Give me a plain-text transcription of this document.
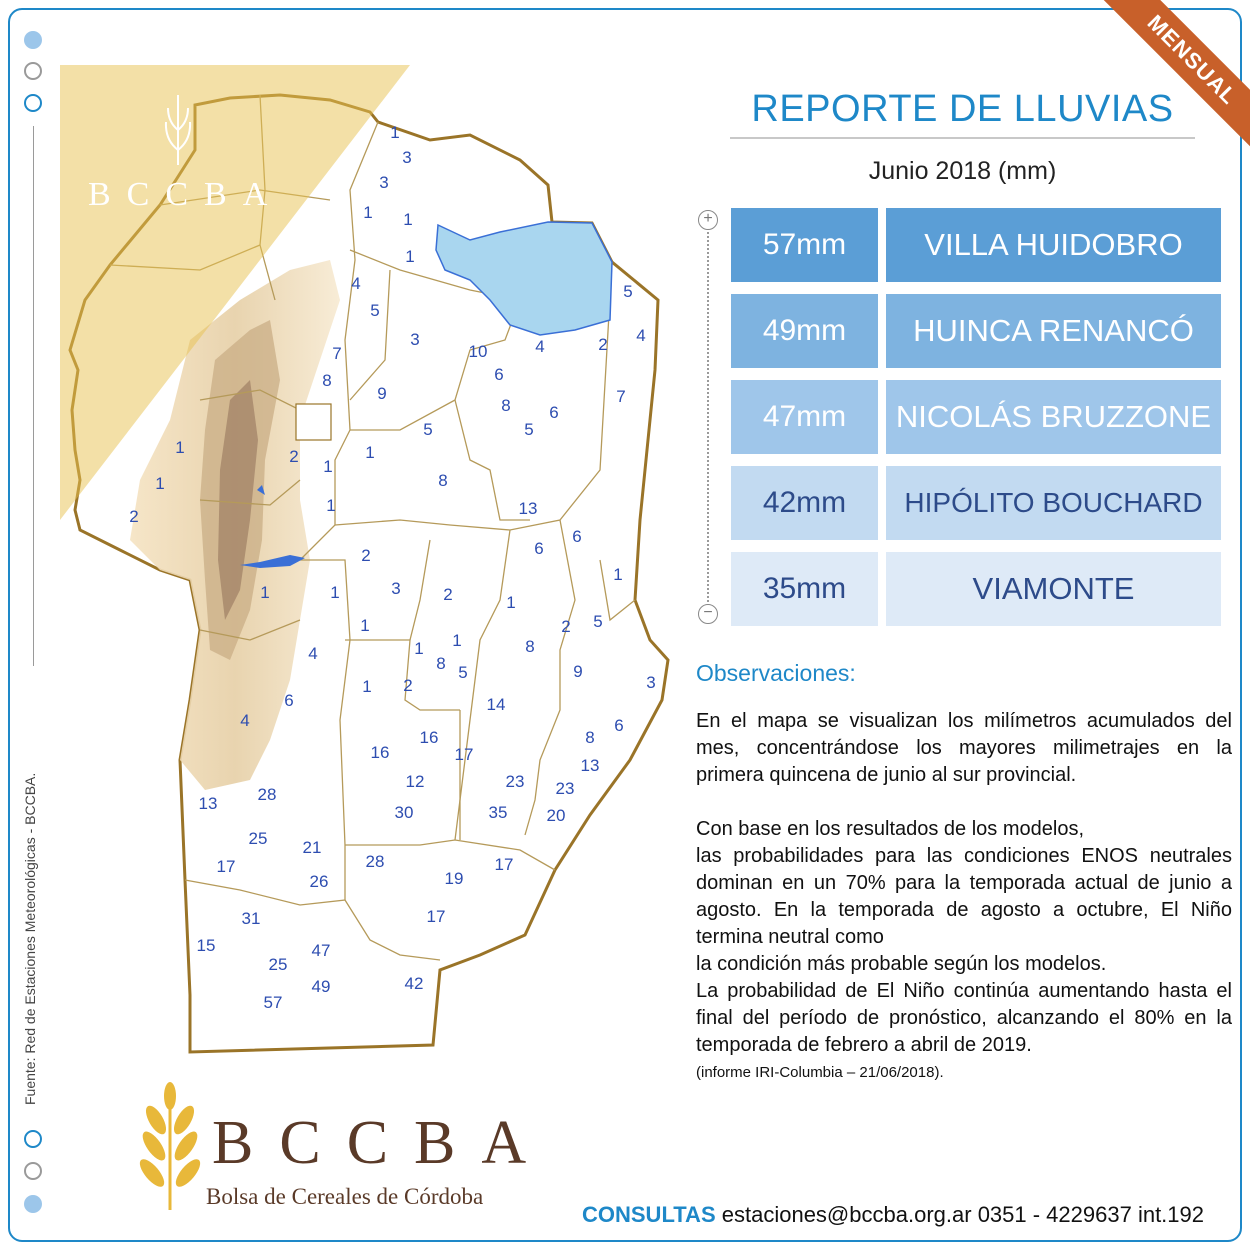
MENSUAL
Fuente: Red de Estaciones Meteorológicas - BCCBA.
1
3
3
1 1
1
4
5
5
4
3
10	4	2
7
6
8
9	7
8 6
5	5
1	1
2
1
8
1
1	13
2
6
6
2
1
3	2
1	1
1
5
2
1
1	8
1
4
8 5	9
3
1 2
6	14
4	6
16	8
16	17
13
12	23 23
28
13	30	35 20
25 21
28	17
17
19
26
31	17
15	47
25
49	42
57
BCCBA
REPORTE DE LLUVIAS
Junio 2018 (mm)
+
−
57mm	VILLA HUIDOBRO
49mm	HUINCA RENANCÓ
47mm	NICOLÁS BRUZZONE
42mm	HIPÓLITO BOUCHARD
35mm	VIAMONTE
Observaciones:

En el mapa se visualizan los milímetros acumulados del mes, concentrándose los mayores milimetrajes en la primera quincena de junio al sur provincial.

Con base en los resultados de los modelos,

las probabilidades para las condiciones ENOS neutrales dominan en un 70% para la temporada actual de junio a agosto. En la temporada de agosto a octubre, El Niño termina neutral como

la condición más probable según los modelos.

La probabilidad de El Niño continúa aumentando hasta el final del período de pronóstico, alcanzando el 80% en la temporada de febrero a abril de 2019.

(informe IRI-Columbia – 21/06/2018).

CONSULTAS estaciones@bccba.org.ar 0351 - 4229637 int.192
BCCBA
Bolsa de Cereales de Córdoba
